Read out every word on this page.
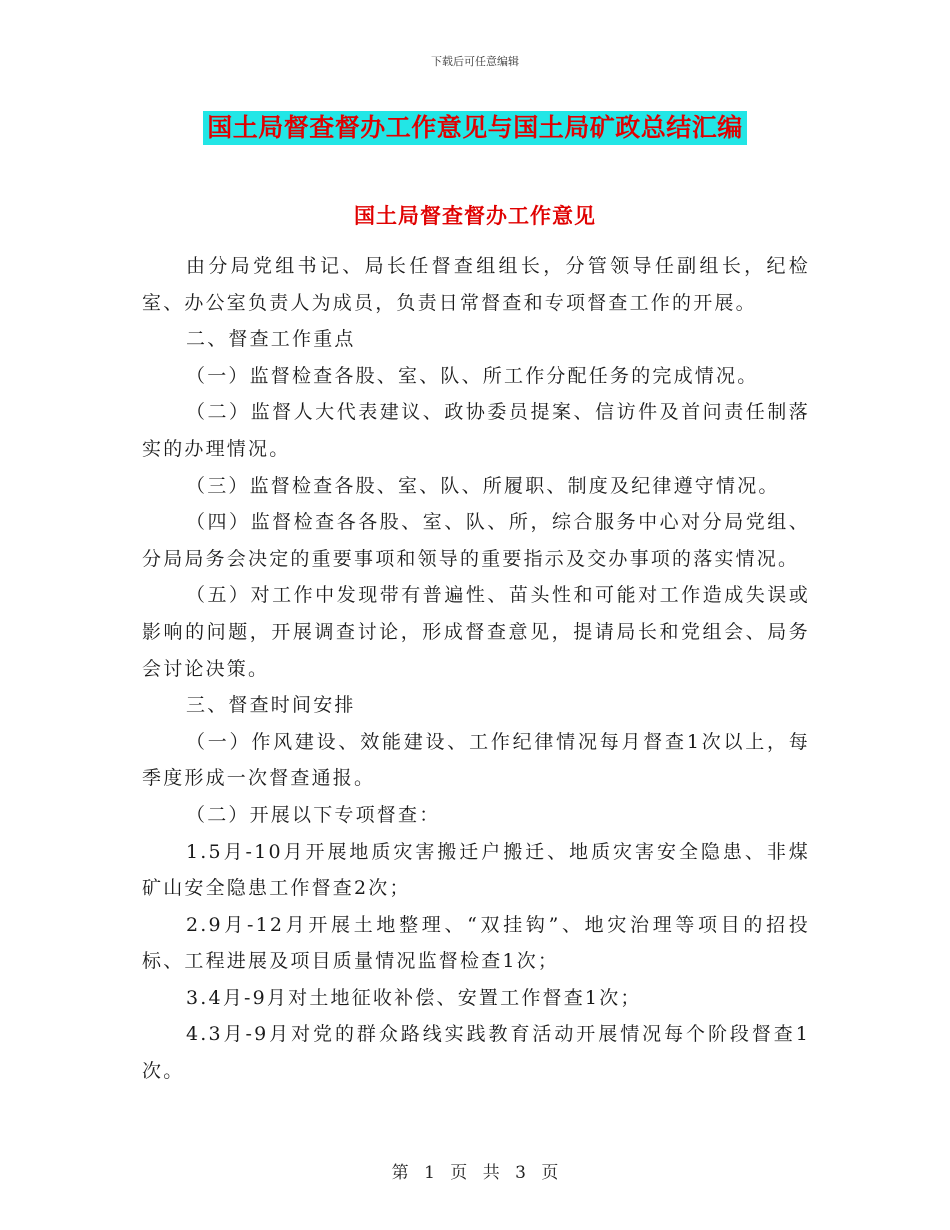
下载后可任意编辑
国土局督查督办工作意见与国土局矿政总结汇编
国土局督查督办工作意见

由分局党组书记、局长任督查组组长，分管领导任副组长，纪检室、办公室负责人为成员，负责日常督查和专项督查工作的开展。

二、督查工作重点

（一）监督检查各股、室、队、所工作分配任务的完成情况。

（二）监督人大代表建议、政协委员提案、信访件及首问责任制落实的办理情况。

（三）监督检查各股、室、队、所履职、制度及纪律遵守情况。

（四）监督检查各各股、室、队、所，综合服务中心对分局党组、分局局务会决定的重要事项和领导的重要指示及交办事项的落实情况。

（五）对工作中发现带有普遍性、苗头性和可能对工作造成失误或影响的问题，开展调查讨论，形成督查意见，提请局长和党组会、局务会讨论决策。

三、督查时间安排

（一）作风建设、效能建设、工作纪律情况每月督查1次以上，每季度形成一次督查通报。

（二）开展以下专项督查：

1.5月-10月开展地质灾害搬迁户搬迁、地质灾害安全隐患、非煤矿山安全隐患工作督查2次；

2.9月-12月开展土地整理、“双挂钩”、地灾治理等项目的招投标、工程进展及项目质量情况监督检查1次；

3.4月-9月对土地征收补偿、安置工作督查1次；

4.3月-9月对党的群众路线实践教育活动开展情况每个阶段督查1次。

第 1 页 共 3 页
